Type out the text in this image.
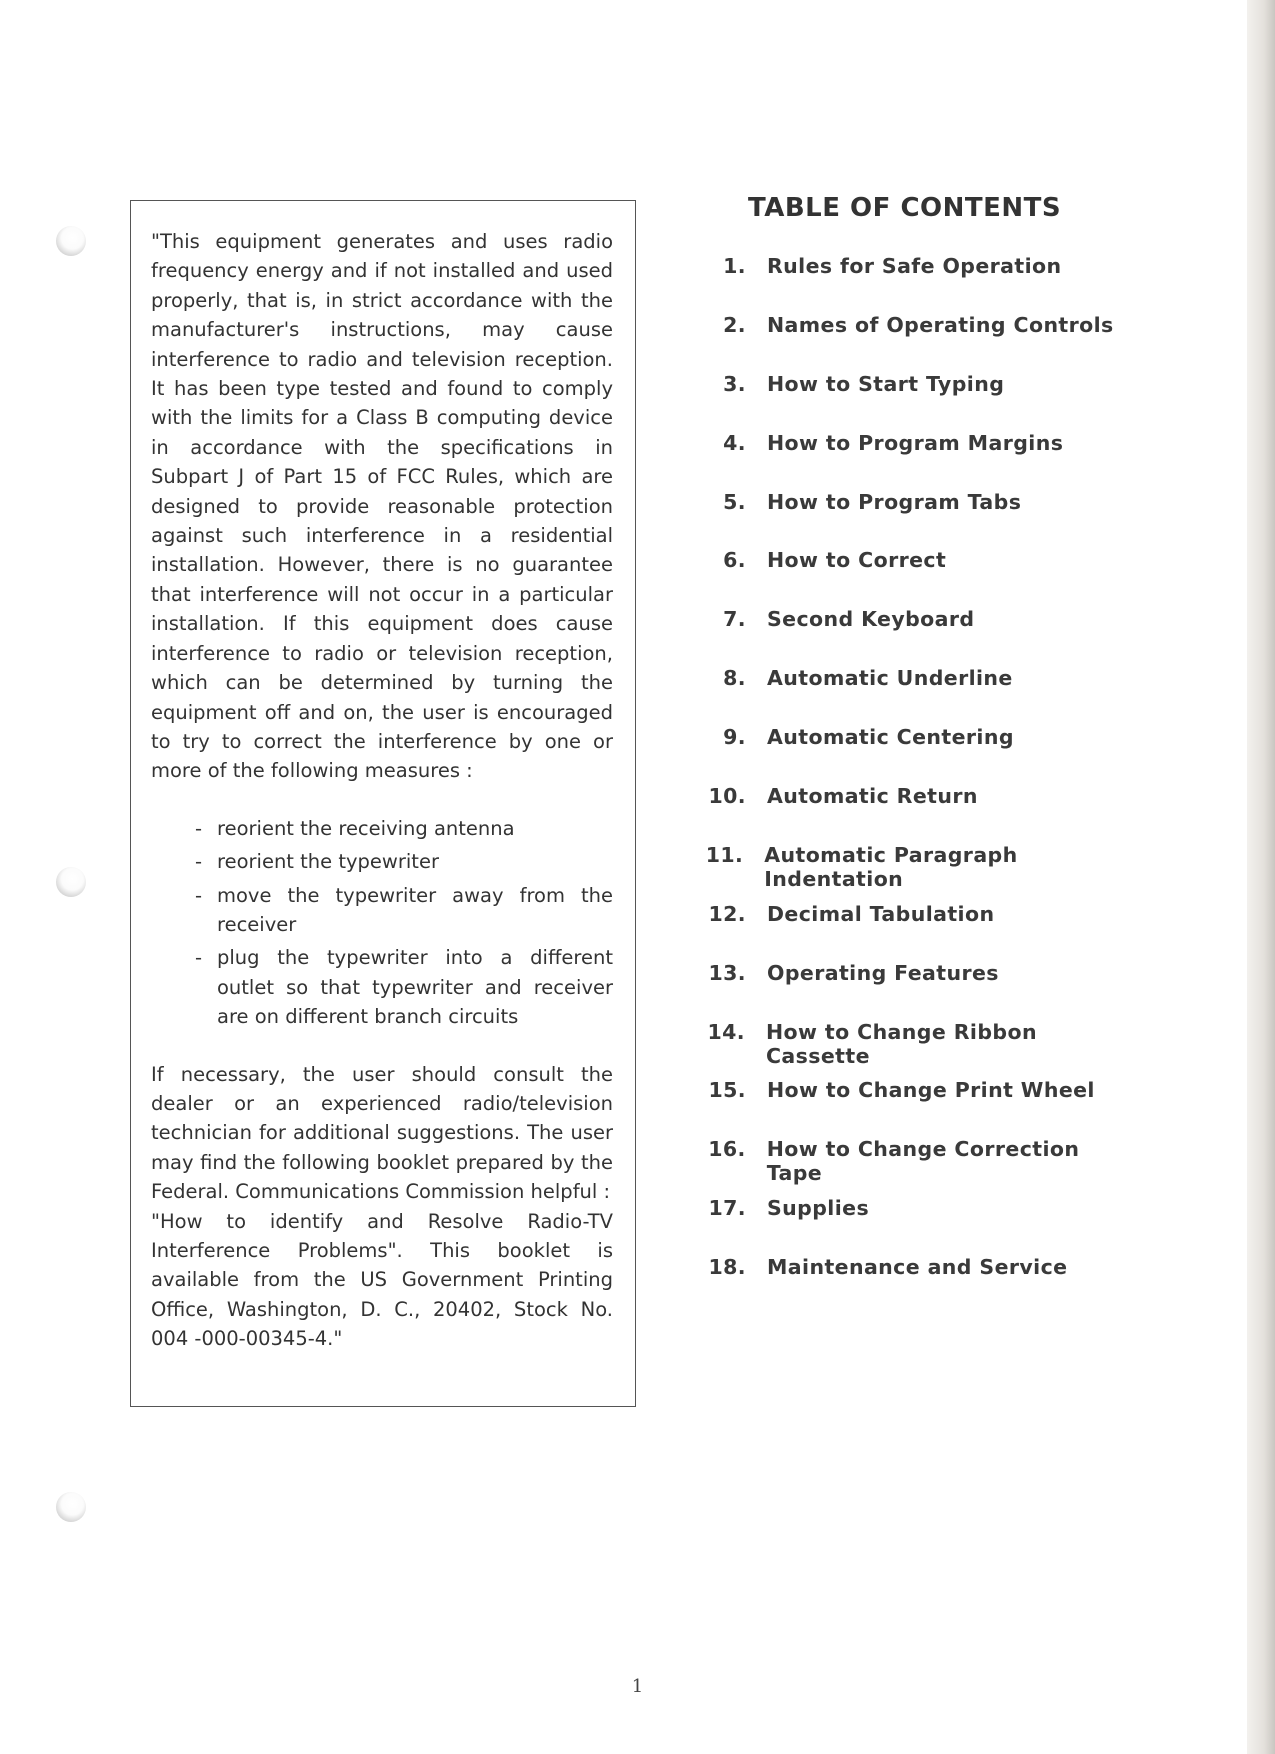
"This equipment generates and uses radio frequency energy and if not installed and used properly, that is, in strict accordance with the manufacturer's instructions, may cause interference to radio and television reception. It has been type tested and found to comply with the limits for a Class B computing device in accordance with the specifications in Subpart J of Part 15 of FCC Rules, which are designed to provide reasonable protection against such interference in a residential installation. However, there is no guarantee that interference will not occur in a particular installation. If this equipment does cause interference to radio or television reception, which can be determined by turning the equipment off and on, the user is encouraged to try to correct the interference by one or more of the following measures :

- reorient the receiving antenna
- reorient the typewriter
- move the typewriter away from the receiver
- plug the typewriter into a different outlet so that typewriter and receiver are on different branch circuits

If necessary, the user should consult the dealer or an experienced radio/television technician for additional suggestions. The user may find the following booklet prepared by the Federal. Communications Commission helpful :

"How to identify and Resolve Radio-TV Interference Problems". This booklet is available from the US Government Printing Office, Washington, D. C., 20402, Stock No. 004 -000-00345-4."

TABLE OF CONTENTS
1. Rules for Safe Operation
2. Names of Operating Controls
3. How to Start Typing
4. How to Program Margins
5. How to Program Tabs
6. How to Correct
7. Second Keyboard
8. Automatic Underline
9. Automatic Centering
10. Automatic Return
11. Automatic Paragraph Indentation
12. Decimal Tabulation
13. Operating Features
14. How to Change Ribbon Cassette
15. How to Change Print Wheel
16. How to Change Correction Tape
17. Supplies
18. Maintenance and Service
1
